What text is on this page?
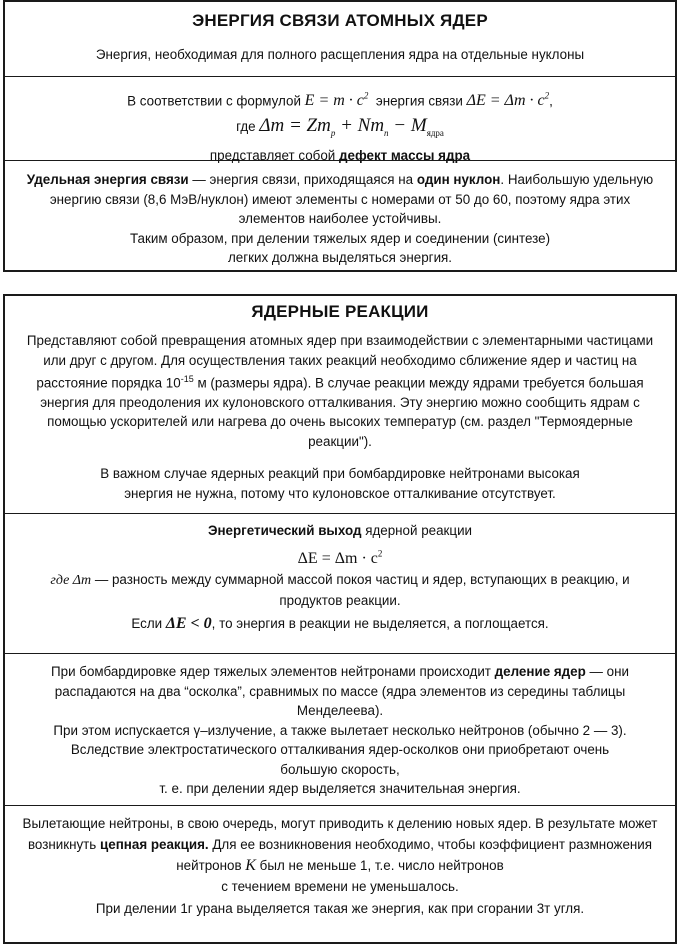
ЭНЕРГИЯ СВЯЗИ АТОМНЫХ ЯДЕР
Энергия, необходимая для полного расщепления ядра на отдельные нуклоны
В соответствии с формулой $E = m \cdot c^2$ энергия связи $\Delta E = \Delta m \cdot c^2$,
где $\Delta m = Zm_p + Nm_n - M_{ядра}$
представляет собой дефект массы ядра
Удельная энергия связи — энергия связи, приходящаяся на один нуклон. Наибольшую удельную энергию связи (8,6 МэВ/нуклон) имеют элементы с номерами от 50 до 60, поэтому ядра этих элементов наиболее устойчивы.
Таким образом, при делении тяжелых ядер и соединении (синтезе) легких должна выделяться энергия.
ЯДЕРНЫЕ РЕАКЦИИ
Представляют собой превращения атомных ядер при взаимодействии с элементарными частицами или друг с другом. Для осуществления таких реакций необходимо сближение ядер и частиц на расстояние порядка $10^{-15}$ м (размеры ядра). В случае реакции между ядрами требуется большая энергия для преодоления их кулоновского отталкивания. Эту энергию можно сообщить ядрам с помощью ускорителей или нагрева до очень высоких температур (см. раздел "Термоядерные реакции").
В важном случае ядерных реакций при бомбардировке нейтронами высокая энергия не нужна, потому что кулоновское отталкивание отсутствует.
Энергетический выход ядерной реакции
$\Delta E = \Delta m \cdot c^2$
где Δm — разность между суммарной массой покоя частиц и ядер, вступающих в реакцию, и продуктов реакции.
Если ΔE < 0, то энергия в реакции не выделяется, а поглощается.
При бомбардировке ядер тяжелых элементов нейтронами происходит деление ядер — они распадаются на два “осколка”, сравнимых по массе (ядра элементов из середины таблицы Менделеева).
При этом испускается γ–излучение, а также вылетает несколько нейтронов (обычно 2 — 3). Вследствие электростатического отталкивания ядер-осколков они приобретают очень большую скорость,
т. е. при делении ядер выделяется значительная энергия.
Вылетающие нейтроны, в свою очередь, могут приводить к делению новых ядер. В результате может возникнуть цепная реакция. Для ее возникновения необходимо, чтобы коэффициент размножения нейтронов K был не меньше 1, т.е. число нейтронов
с течением времени не уменьшалось.
При делении 1г урана выделяется такая же энергия, как при сгорании 3т угля.
